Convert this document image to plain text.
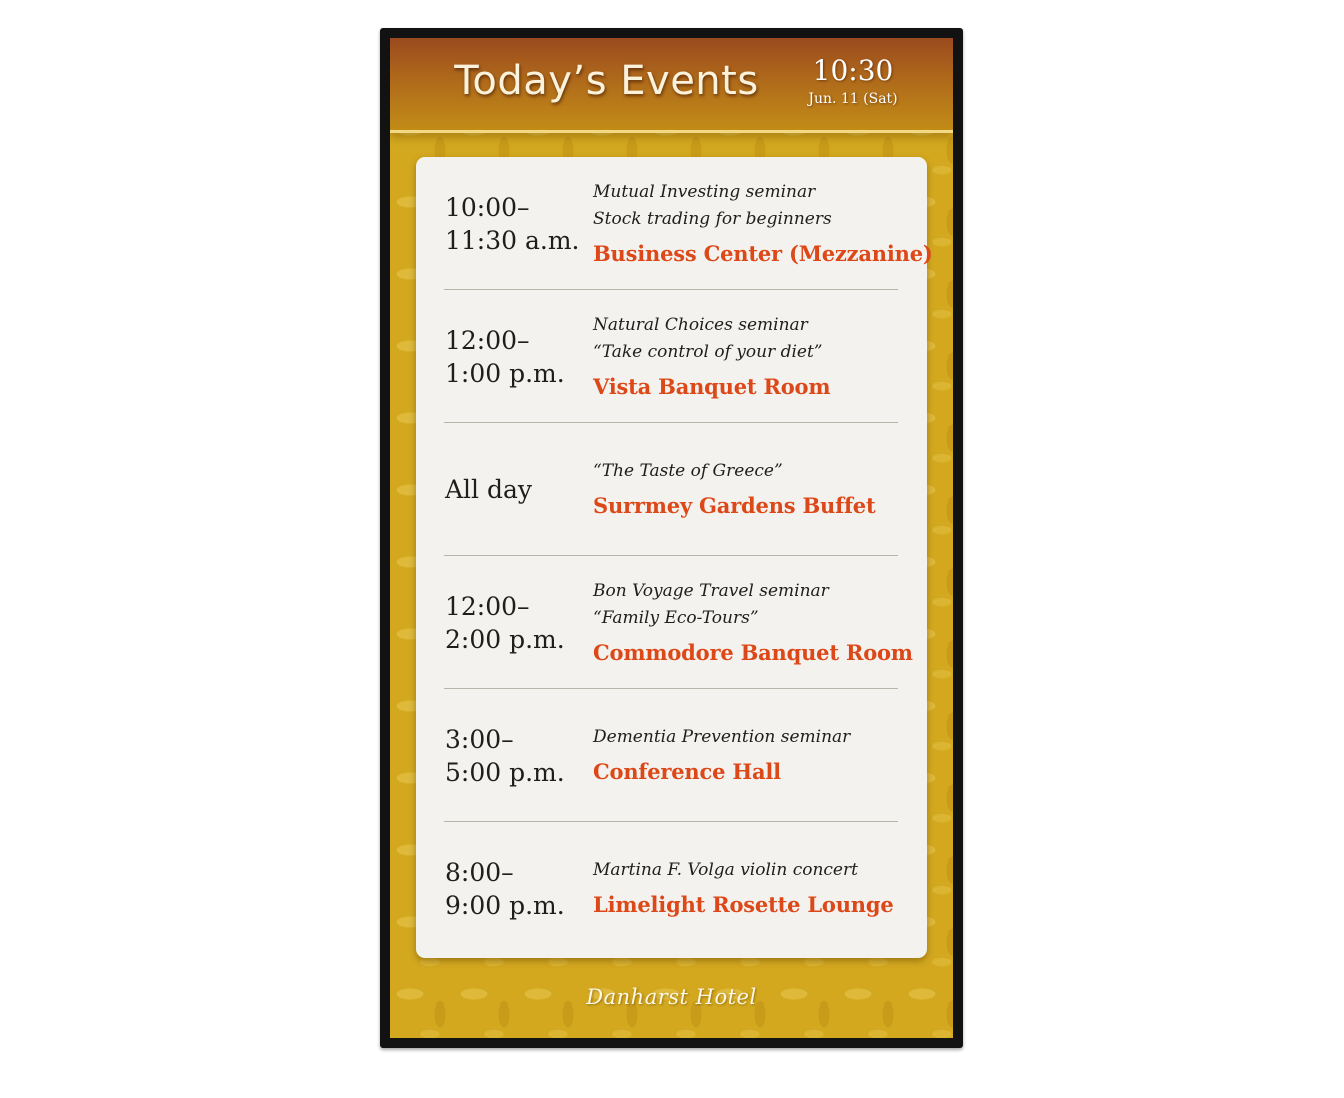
Today’s Events	10:30
Jun. 11 (Sat)
10:00–
11:30 a.m.
Mutual Investing seminar
Stock trading for beginners
Business Center (Mezzanine)
12:00–
1:00 p.m.
Natural Choices seminar
“Take control of your diet”
Vista Banquet Room
All day
“The Taste of Greece”
Surrmey Gardens Buffet
12:00–
2:00 p.m.
Bon Voyage Travel seminar
“Family Eco-Tours”
Commodore Banquet Room
3:00–
5:00 p.m.
Dementia Prevention seminar
Conference Hall
8:00–
9:00 p.m.
Martina F. Volga violin concert
Limelight Rosette Lounge
Danharst Hotel
